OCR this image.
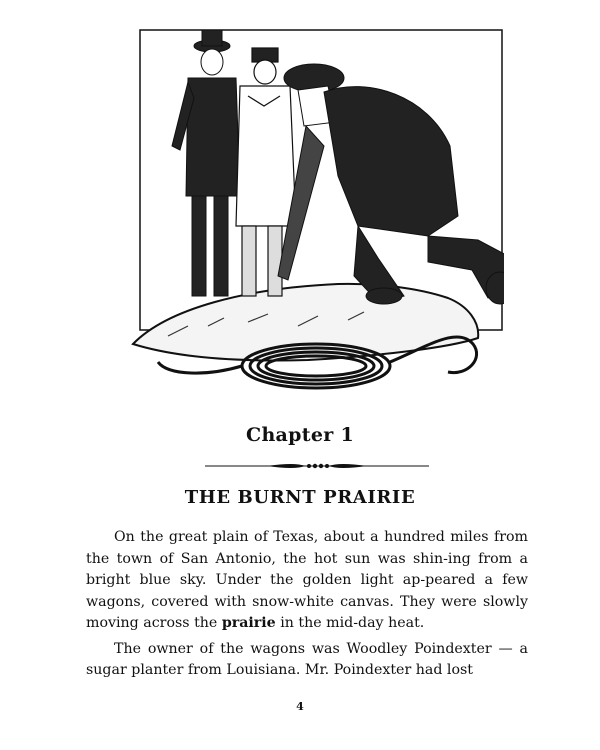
Chapter 1
THE BURNT PRAIRIE

On the great plain of Texas, about a hundred miles from the town of San Antonio, the hot sun was shin-ing from a bright blue sky. Under the golden light ap-peared a few wagons, covered with snow-white canvas. They were slowly moving across the prairie in the mid-day heat.

The owner of the wagons was Woodley Poindexter — a sugar planter from Louisiana. Mr. Poindexter had lost

4
